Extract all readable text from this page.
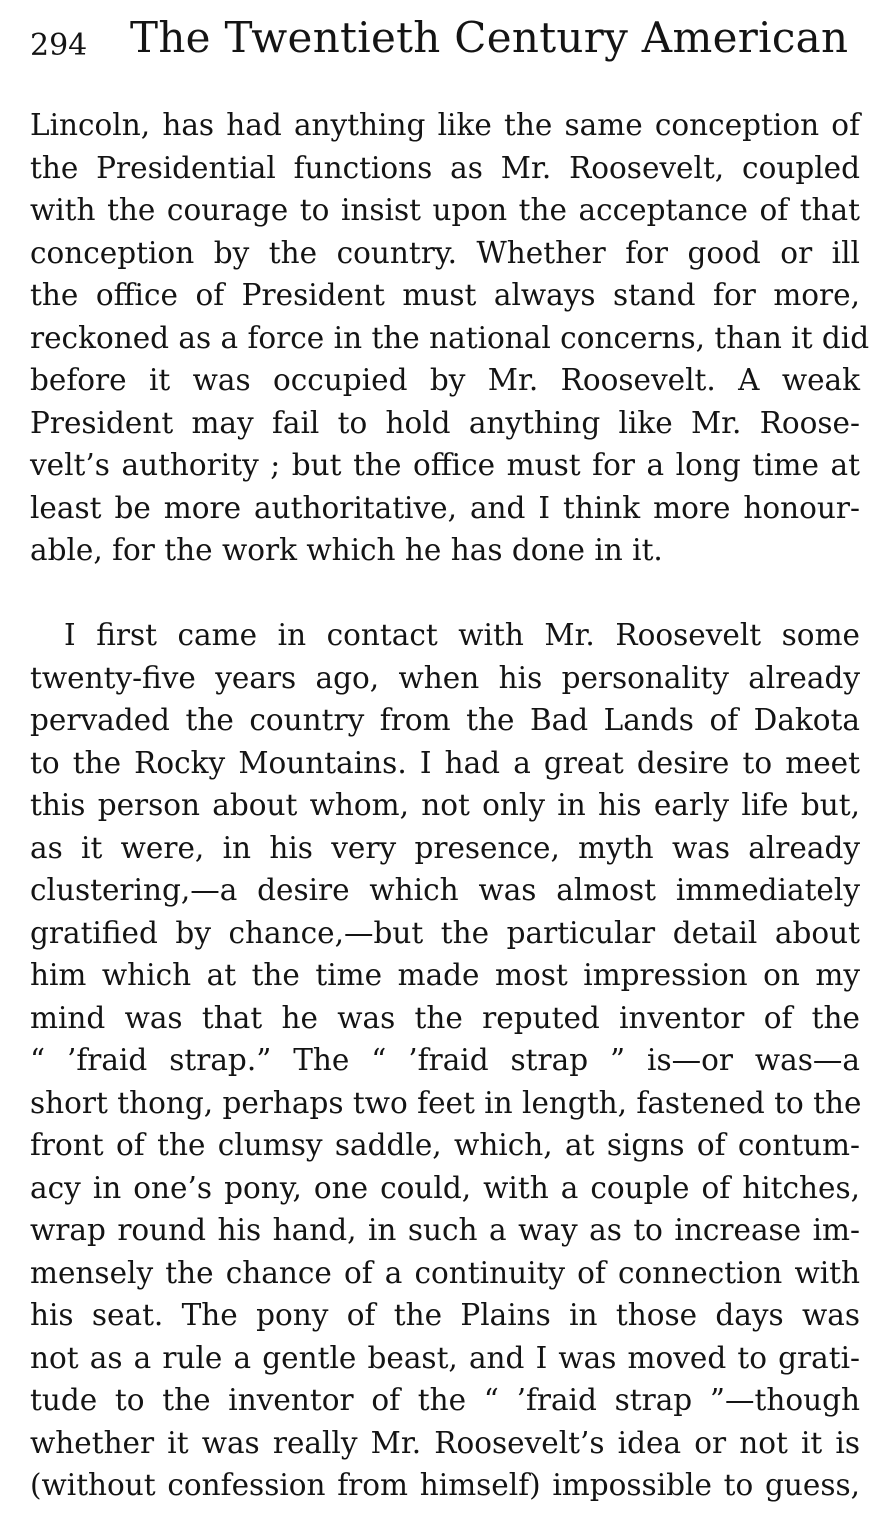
294 The Twentieth Century American
Lincoln, has had anything like the same conception of
the Presidential functions as Mr. Roosevelt, coupled
with the courage to insist upon the acceptance of that
conception by the country. Whether for good or ill
the office of President must always stand for more,
reckoned as a force in the national concerns, than it did
before it was occupied by Mr. Roosevelt. A weak
President may fail to hold anything like Mr. Roose-
velt’s authority ; but the office must for a long time at
least be more authoritative, and I think more honour-
able, for the work which he has done in it.
I first came in contact with Mr. Roosevelt some
twenty-five years ago, when his personality already
pervaded the country from the Bad Lands of Dakota
to the Rocky Mountains. I had a great desire to meet
this person about whom, not only in his early life but,
as it were, in his very presence, myth was already
clustering,—a desire which was almost immediately
gratified by chance,—but the particular detail about
him which at the time made most impression on my
mind was that he was the reputed inventor of the
“ ’fraid strap.” The “ ’fraid strap ” is—or was—a
short thong, perhaps two feet in length, fastened to the
front of the clumsy saddle, which, at signs of contum-
acy in one’s pony, one could, with a couple of hitches,
wrap round his hand, in such a way as to increase im-
mensely the chance of a continuity of connection with
his seat. The pony of the Plains in those days was
not as a rule a gentle beast, and I was moved to grati-
tude to the inventor of the “ ’fraid strap ”—though
whether it was really Mr. Roosevelt’s idea or not it is
(without confession from himself) impossible to guess,
